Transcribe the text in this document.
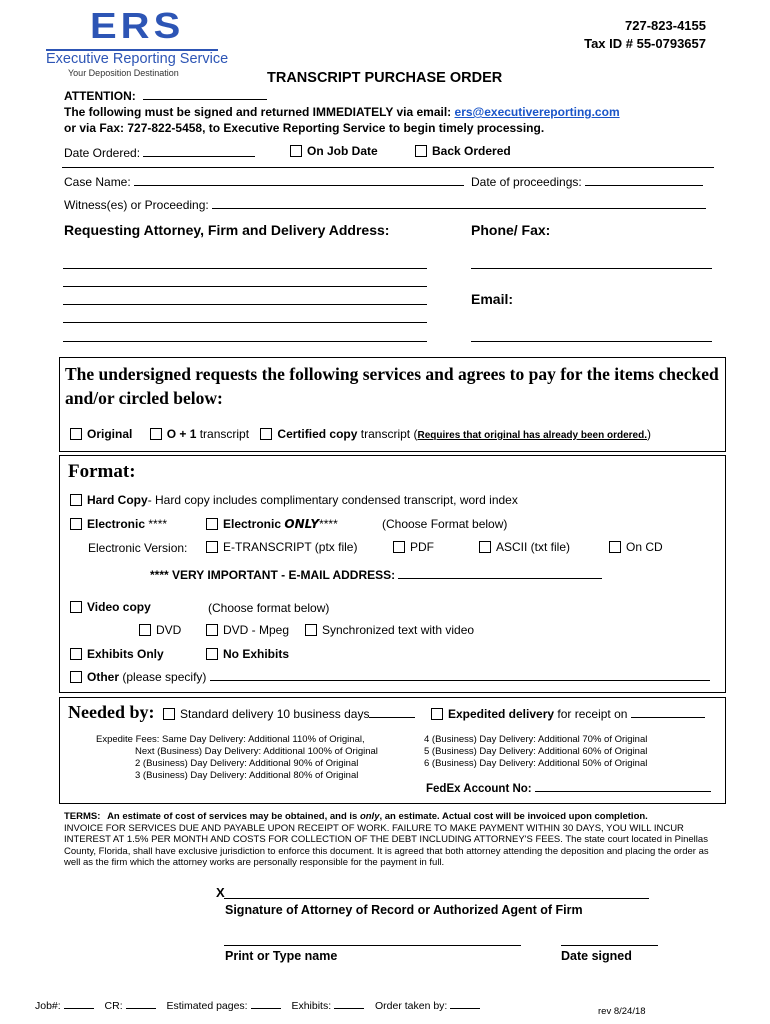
ERS
Executive Reporting Service
Your Deposition Destination
727-823-4155
Tax ID # 55-0793657
TRANSCRIPT PURCHASE ORDER
ATTENTION:
The following must be signed and returned IMMEDIATELY via email: ers@executivereporting.com
or via Fax: 727-822-5458, to Executive Reporting Service to begin timely processing.
Date Ordered:	On Job Date	Back Ordered
Case Name:	Date of proceedings:
Witness(es) or Proceeding:
Requesting Attorney, Firm and Delivery Address:	Phone/ Fax:
Email:
The undersigned requests the following services and agrees to pay for the items checked and/or circled below:
Original	O + 1 transcript Certified copy transcript (Requires that original has already been ordered.)
Format:
Hard Copy- Hard copy includes complimentary condensed transcript, word index
Electronic ****	Electronic ONLY****	(Choose Format below)
Electronic Version:	E-TRANSCRIPT (ptx file)	PDF	ASCII (txt file)	On CD
**** VERY IMPORTANT - E-MAIL ADDRESS:
Video copy	(Choose format below)
DVD	DVD - Mpeg	Synchronized text with video
Exhibits Only	No Exhibits
Other (please specify)
Needed by:	Standard delivery 10 business days	Expedited delivery for receipt on
Expedite Fees: Same Day Delivery: Additional 110% of Original,
Next (Business) Day Delivery: Additional 100% of Original
2 (Business) Day Delivery: Additional 90% of Original
3 (Business) Day Delivery: Additional 80% of Original
4 (Business) Day Delivery: Additional 70% of Original
5 (Business) Day Delivery: Additional 60% of Original
6 (Business) Day Delivery: Additional 50% of Original
FedEx Account No:
TERMS: An estimate of cost of services may be obtained, and is only, an estimate. Actual cost will be invoiced upon completion.
INVOICE FOR SERVICES DUE AND PAYABLE UPON RECEIPT OF WORK. FAILURE TO MAKE PAYMENT WITHIN 30 DAYS, YOU WILL INCUR INTEREST AT 1.5% PER MONTH AND COSTS FOR COLLECTION OF THE DEBT INCLUDING ATTORNEY'S FEES. The state court located in Pinellas County, Florida, shall have exclusive jurisdiction to enforce this document. It is agreed that both attorney attending the deposition and placing the order as well as the firm which the attorney works are personally responsible for the payment in full.
X
Signature of Attorney of Record or Authorized Agent of Firm
Print or Type name	Date signed
Job#:	CR:	Estimated pages:	Exhibits:	Order taken by:	rev 8/24/18
